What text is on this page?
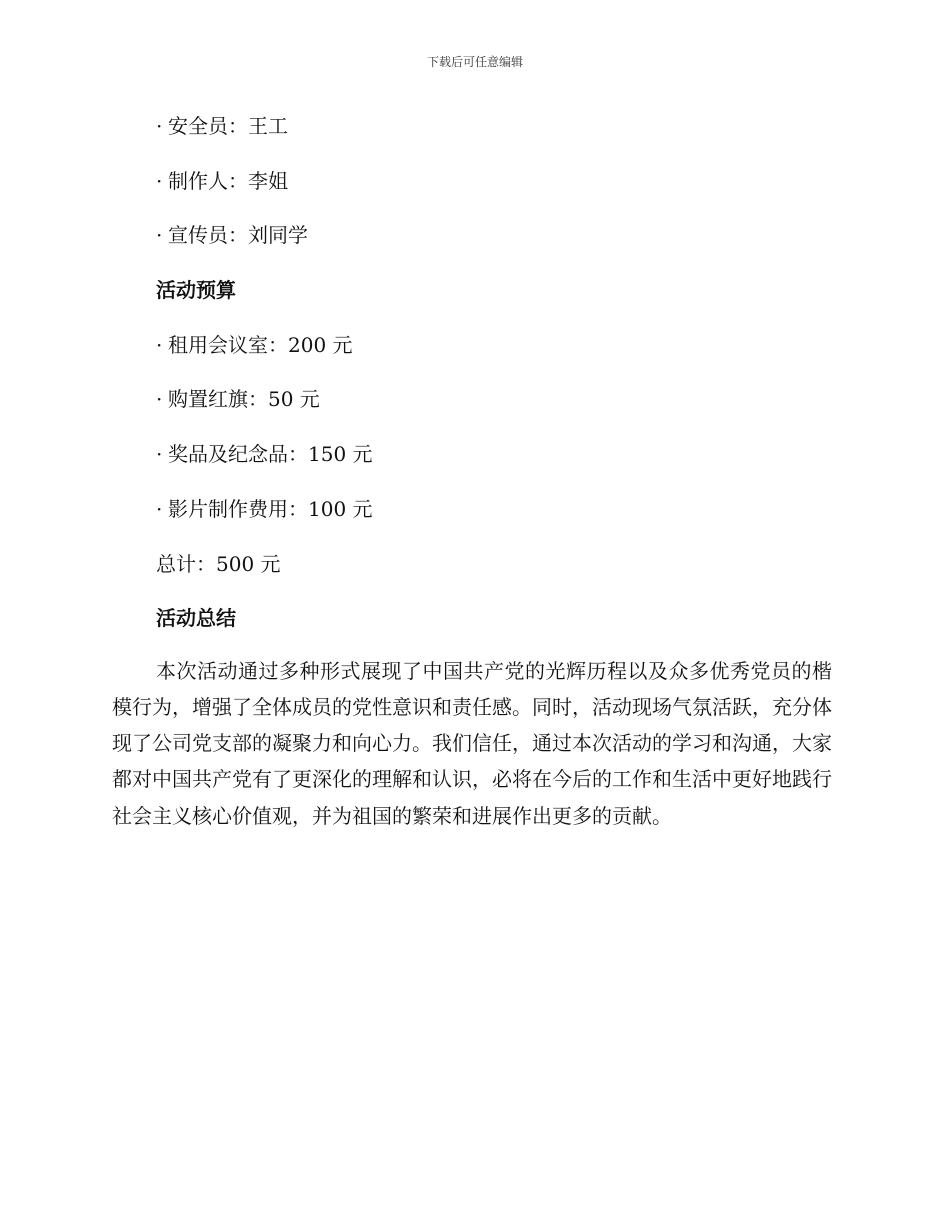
下载后可任意编辑
· 安全员：王工
· 制作人：李姐
· 宣传员：刘同学
活动预算
· 租用会议室：200 元
· 购置红旗：50 元
· 奖品及纪念品：150 元
· 影片制作费用：100 元
总计：500 元
活动总结
本次活动通过多种形式展现了中国共产党的光辉历程以及众多优秀党员的楷模行为，增强了全体成员的党性意识和责任感。同时，活动现场气氛活跃，充分体现了公司党支部的凝聚力和向心力。我们信任，通过本次活动的学习和沟通，大家都对中国共产党有了更深化的理解和认识，必将在今后的工作和生活中更好地践行社会主义核心价值观，并为祖国的繁荣和进展作出更多的贡献。
